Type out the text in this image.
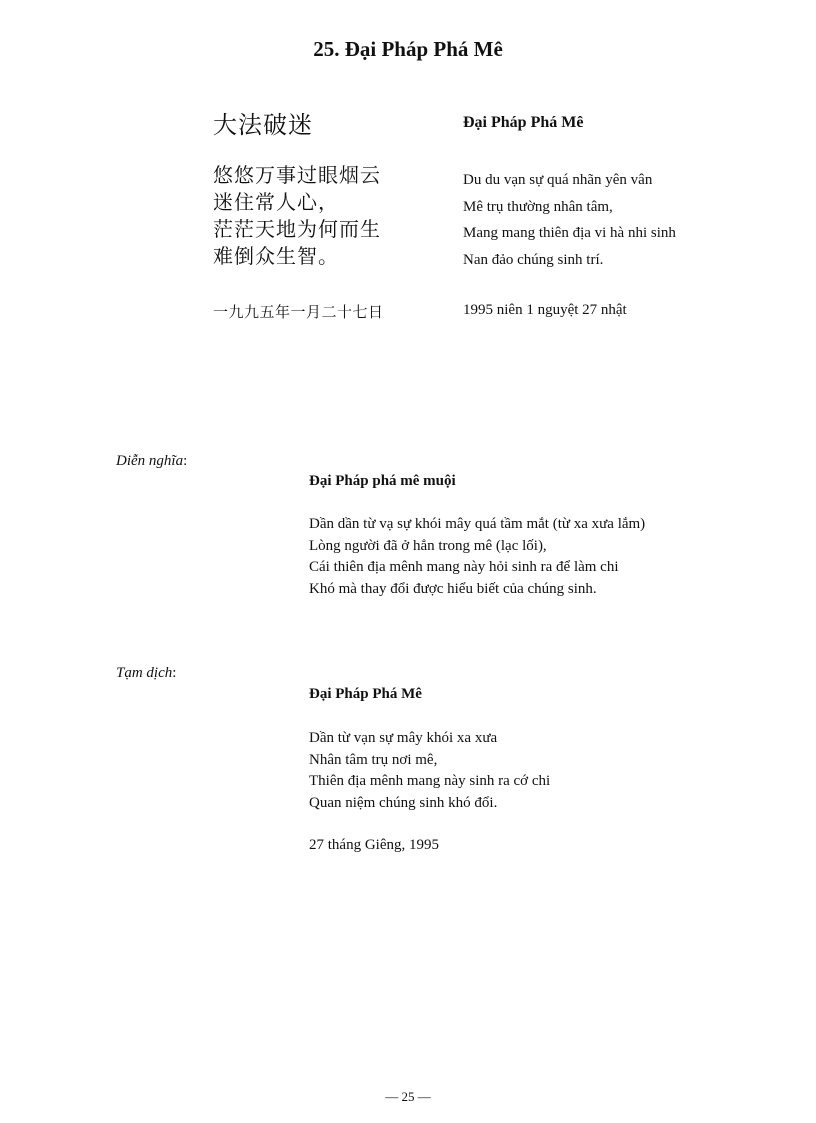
25. Đại Pháp Phá Mê
大法破迷	Đại Pháp Phá Mê
悠悠万事过眼烟云
迷住常人心，
茫茫天地为何而生
难倒众生智。
Du du vạn sự quá nhãn yên vân
Mê trụ thường nhân tâm,
Mang mang thiên địa vi hà nhi sinh
Nan đảo chúng sinh trí.
一九九五年一月二十七日	1995 niên 1 nguyệt 27 nhật
Diễn nghĩa:
Đại Pháp phá mê muội
Dần dần từ vạ sự khói mây quá tầm mắt (từ xa xưa lắm)
Lòng người đã ở hẳn trong mê (lạc lối),
Cái thiên địa mênh mang này hỏi sinh ra để làm chi
Khó mà thay đổi được hiểu biết của chúng sinh.
Tạm dịch:
Đại Pháp Phá Mê
Dần từ vạn sự mây khói xa xưa
Nhân tâm trụ nơi mê,
Thiên địa mênh mang này sinh ra cớ chi
Quan niệm chúng sinh khó đổi.
27 tháng Giêng, 1995
— 25 —
